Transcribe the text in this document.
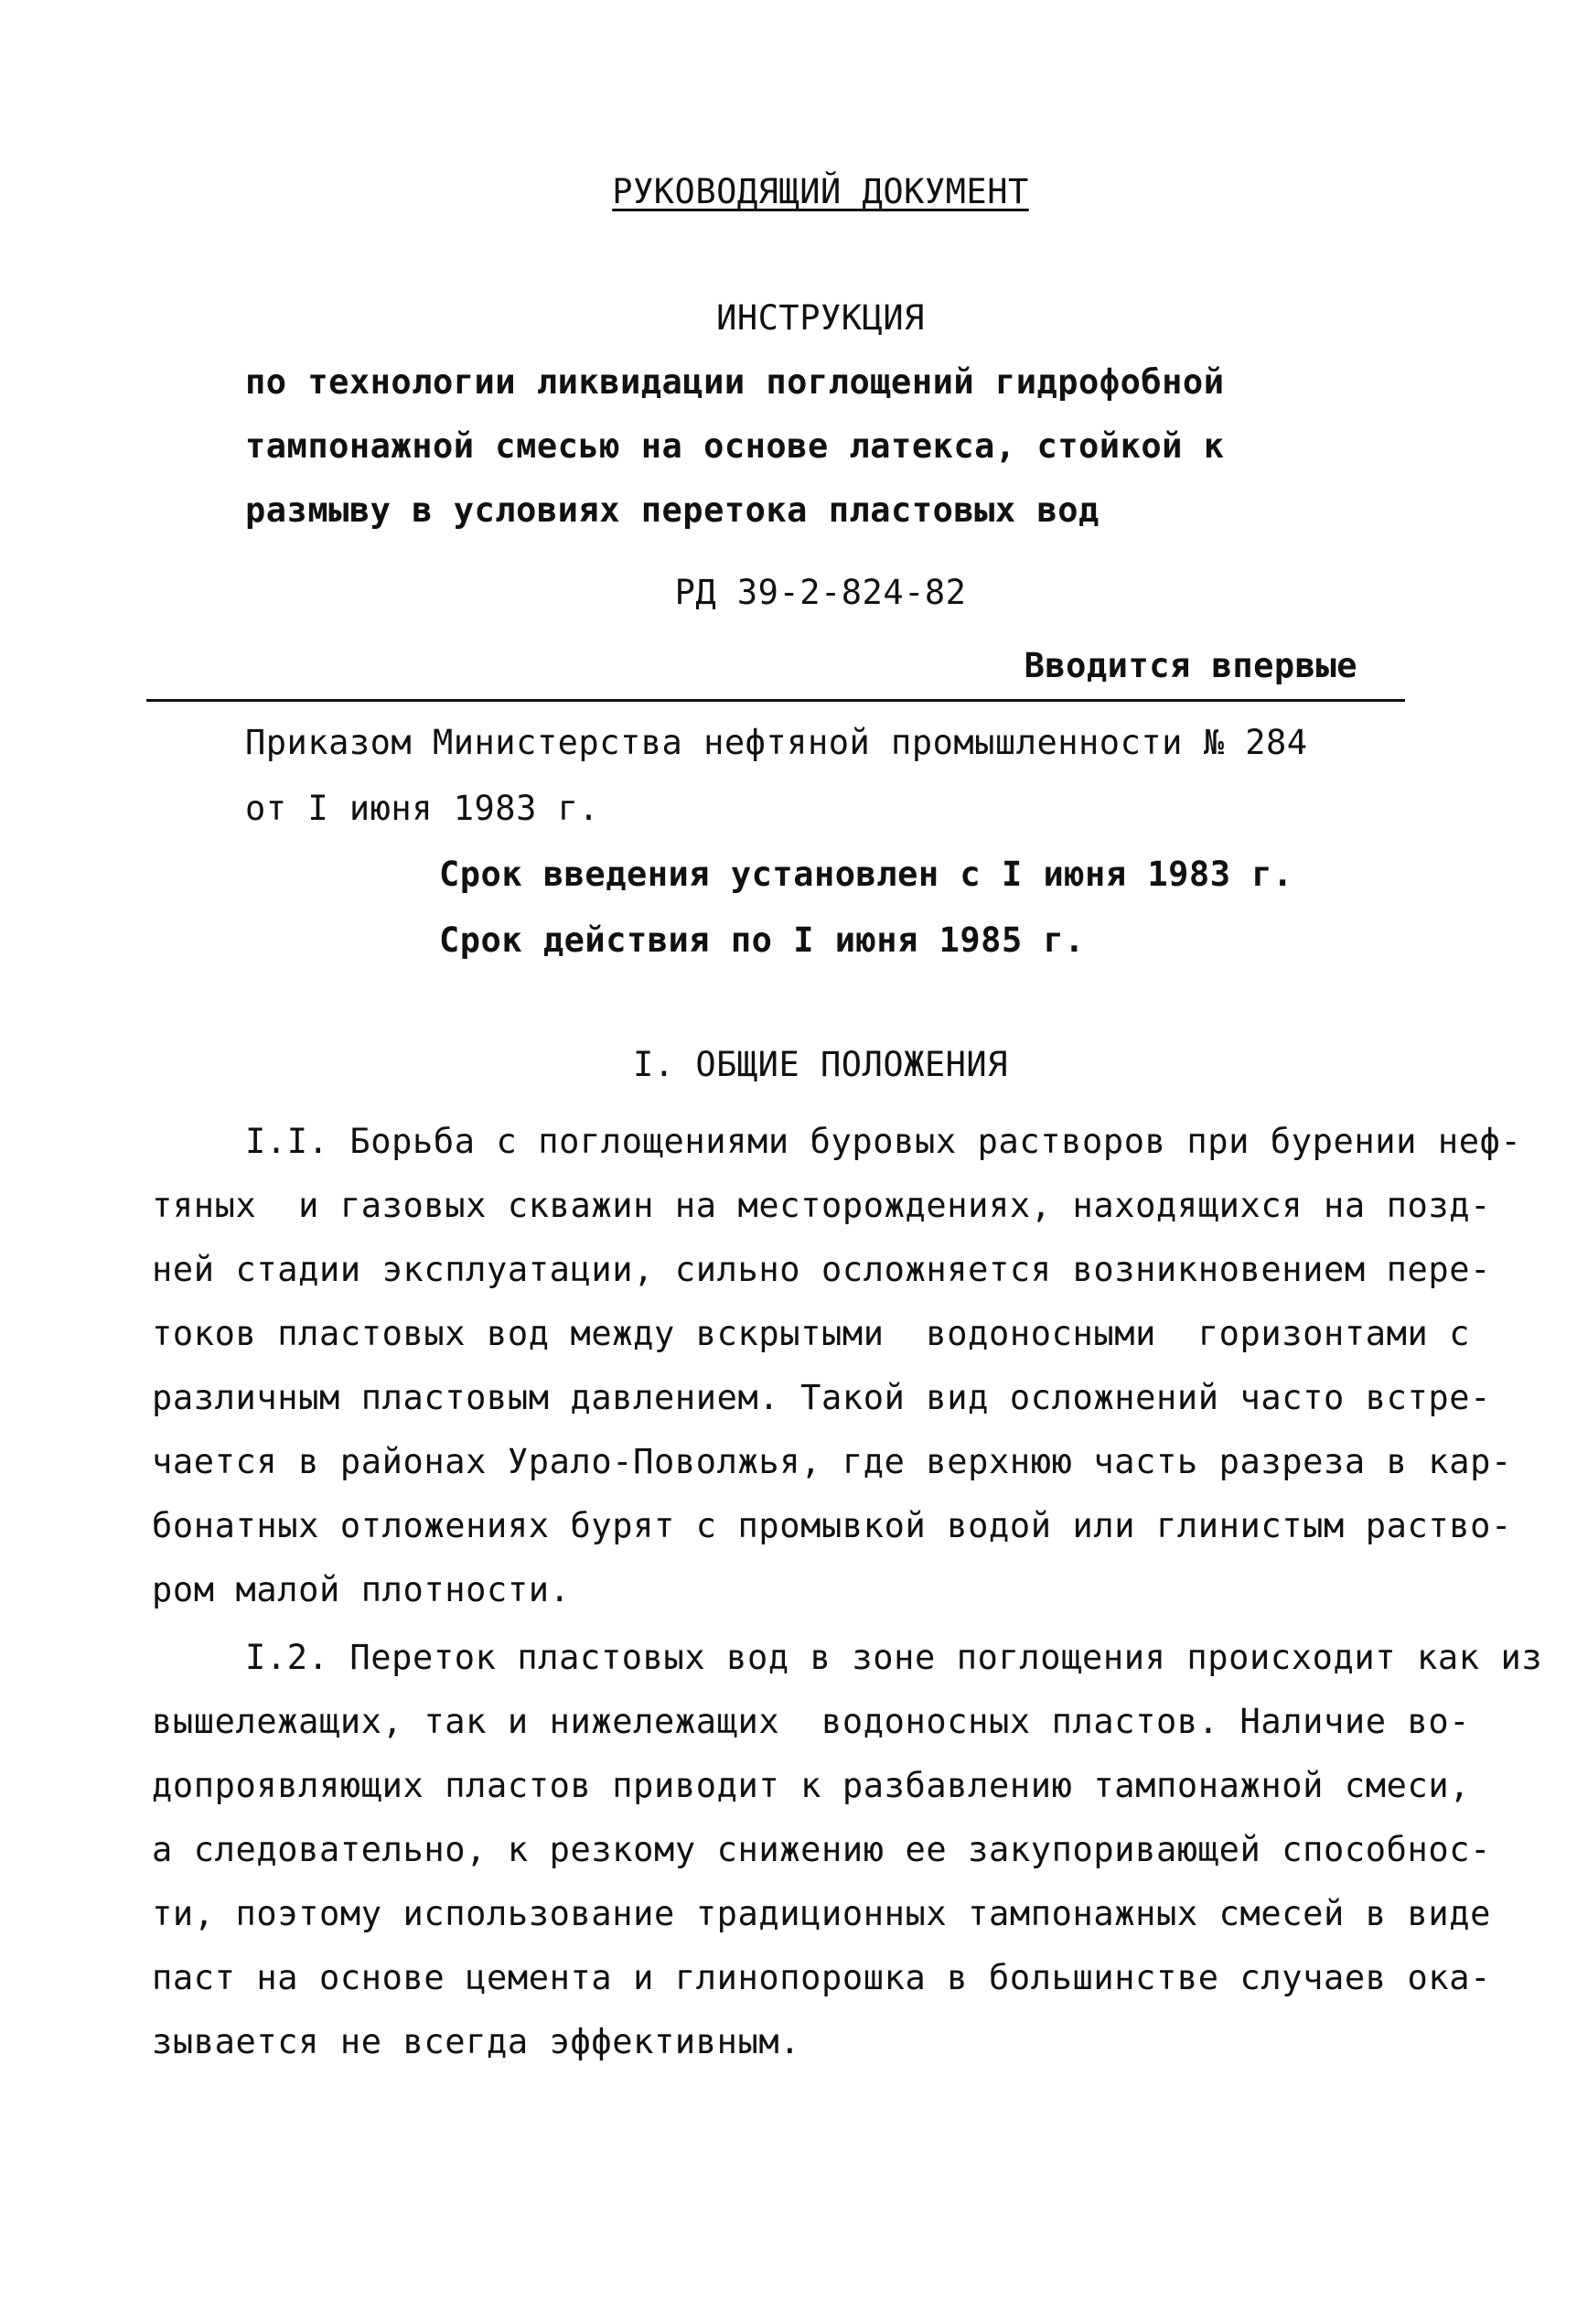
РУКОВОДЯЩИЙ ДОКУМЕНТ
ИНСТРУКЦИЯ
по технологии ликвидации поглощений гидрофобной
тампонажной смесью на основе латекса, стойкой к
размыву в условиях перетока пластовых вод
РД 39-2-824-82
Вводится впервые
Приказом Министерства нефтяной промышленности № 284
от I июня 1983 г.
Срок введения установлен с I июня 1983 г.
Срок действия по I июня 1985 г.
I. ОБЩИЕ ПОЛОЖЕНИЯ
I.I. Борьба с поглощениями буровых растворов при бурении неф-
тяных  и газовых скважин на месторождениях, находящихся на позд-
ней стадии эксплуатации, сильно осложняется возникновением пере-
токов пластовых вод между вскрытыми  водоносными  горизонтами с
различным пластовым давлением. Такой вид осложнений часто встре-
чается в районах Урало-Поволжья, где верхнюю часть разреза в кар-
бонатных отложениях бурят с промывкой водой или глинистым раство-
ром малой плотности.
I.2. Переток пластовых вод в зоне поглощения происходит как из
вышележащих, так и нижележащих  водоносных пластов. Наличие во-
допроявляющих пластов приводит к разбавлению тампонажной смеси,
а следовательно, к резкому снижению ее закупоривающей способнос-
ти, поэтому использование традиционных тампонажных смесей в виде
паст на основе цемента и глинопорошка в большинстве случаев ока-
зывается не всегда эффективным.
